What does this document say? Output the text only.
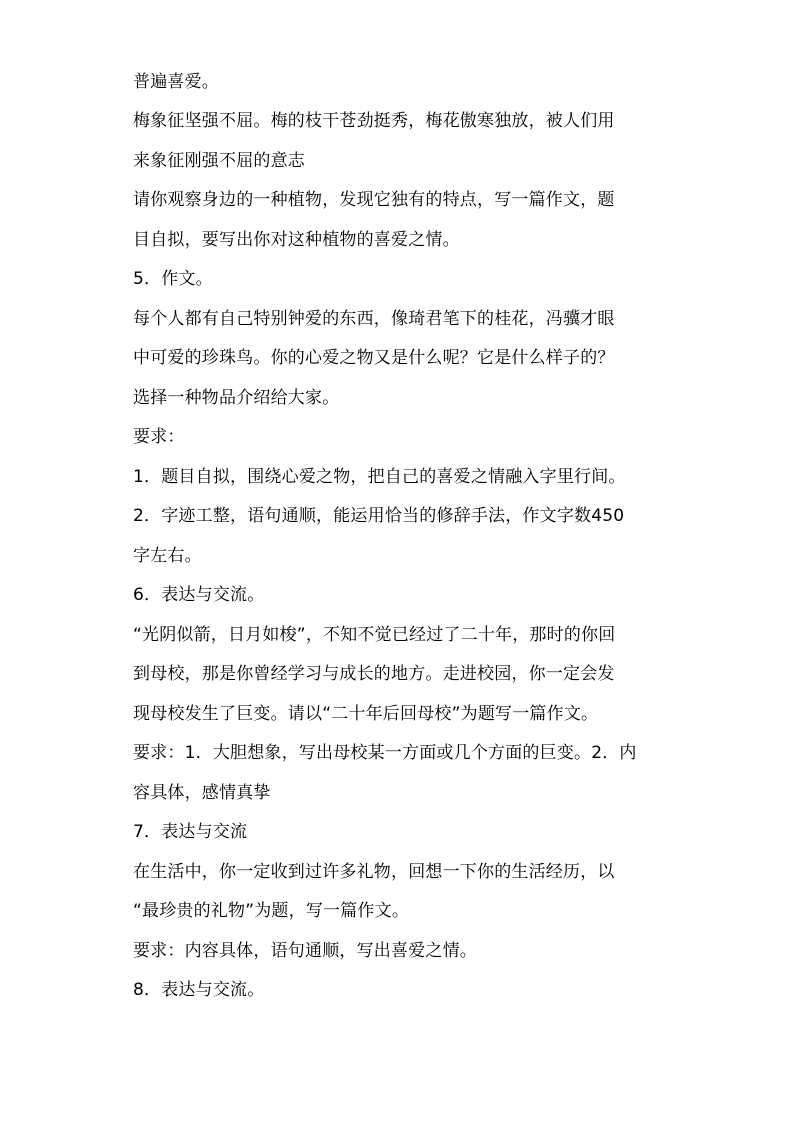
普遍喜爱。
梅象征坚强不屈。梅的枝干苍劲挺秀，梅花傲寒独放，被人们用
来象征刚强不屈的意志
请你观察身边的一种植物，发现它独有的特点，写一篇作文，题
目自拟，要写出你对这种植物的喜爱之情。
5．作文。
每个人都有自己特别钟爱的东西，像琦君笔下的桂花，冯骥才眼
中可爱的珍珠鸟。你的心爱之物又是什么呢？它是什么样子的？
选择一种物品介绍给大家。
要求：
1．题目自拟，围绕心爱之物，把自己的喜爱之情融入字里行间。
2．字迹工整，语句通顺，能运用恰当的修辞手法，作文字数450
字左右。
6．表达与交流。
“光阴似箭，日月如梭”，不知不觉已经过了二十年，那时的你回
到母校，那是你曾经学习与成长的地方。走进校园，你一定会发
现母校发生了巨变。请以“二十年后回母校”为题写一篇作文。
要求：1．大胆想象，写出母校某一方面或几个方面的巨变。2．内
容具体，感情真挚
7．表达与交流
在生活中，你一定收到过许多礼物，回想一下你的生活经历，以
“最珍贵的礼物”为题，写一篇作文。
要求：内容具体，语句通顺，写出喜爱之情。
8．表达与交流。
